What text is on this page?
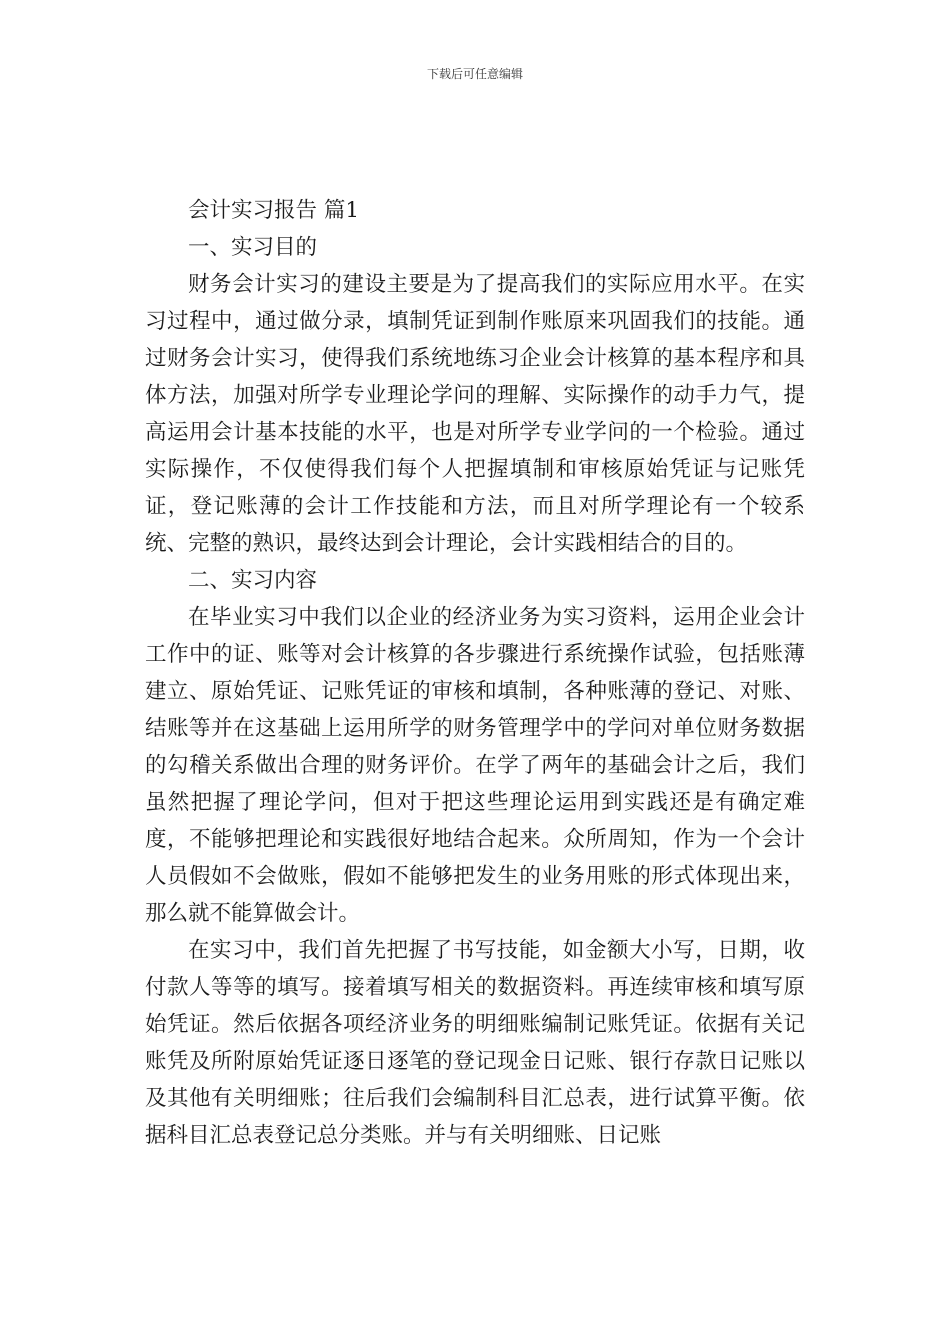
下载后可任意编辑

会计实习报告 篇1

一、实习目的

财务会计实习的建设主要是为了提高我们的实际应用水平。在实习过程中，通过做分录，填制凭证到制作账原来巩固我们的技能。通过财务会计实习，使得我们系统地练习企业会计核算的基本程序和具体方法，加强对所学专业理论学问的理解、实际操作的动手力气，提高运用会计基本技能的水平，也是对所学专业学问的一个检验。通过实际操作，不仅使得我们每个人把握填制和审核原始凭证与记账凭证，登记账薄的会计工作技能和方法，而且对所学理论有一个较系统、完整的熟识，最终达到会计理论，会计实践相结合的目的。

二、实习内容

在毕业实习中我们以企业的经济业务为实习资料，运用企业会计工作中的证、账等对会计核算的各步骤进行系统操作试验，包括账薄建立、原始凭证、记账凭证的审核和填制，各种账薄的登记、对账、结账等并在这基础上运用所学的财务管理学中的学问对单位财务数据的勾稽关系做出合理的财务评价。在学了两年的基础会计之后，我们虽然把握了理论学问，但对于把这些理论运用到实践还是有确定难度，不能够把理论和实践很好地结合起来。众所周知，作为一个会计人员假如不会做账，假如不能够把发生的业务用账的形式体现出来，那么就不能算做会计。

在实习中，我们首先把握了书写技能，如金额大小写，日期，收付款人等等的填写。接着填写相关的数据资料。再连续审核和填写原始凭证。然后依据各项经济业务的明细账编制记账凭证。依据有关记账凭及所附原始凭证逐日逐笔的登记现金日记账、银行存款日记账以及其他有关明细账；往后我们会编制科目汇总表，进行试算平衡。依据科目汇总表登记总分类账。并与有关明细账、日记账
